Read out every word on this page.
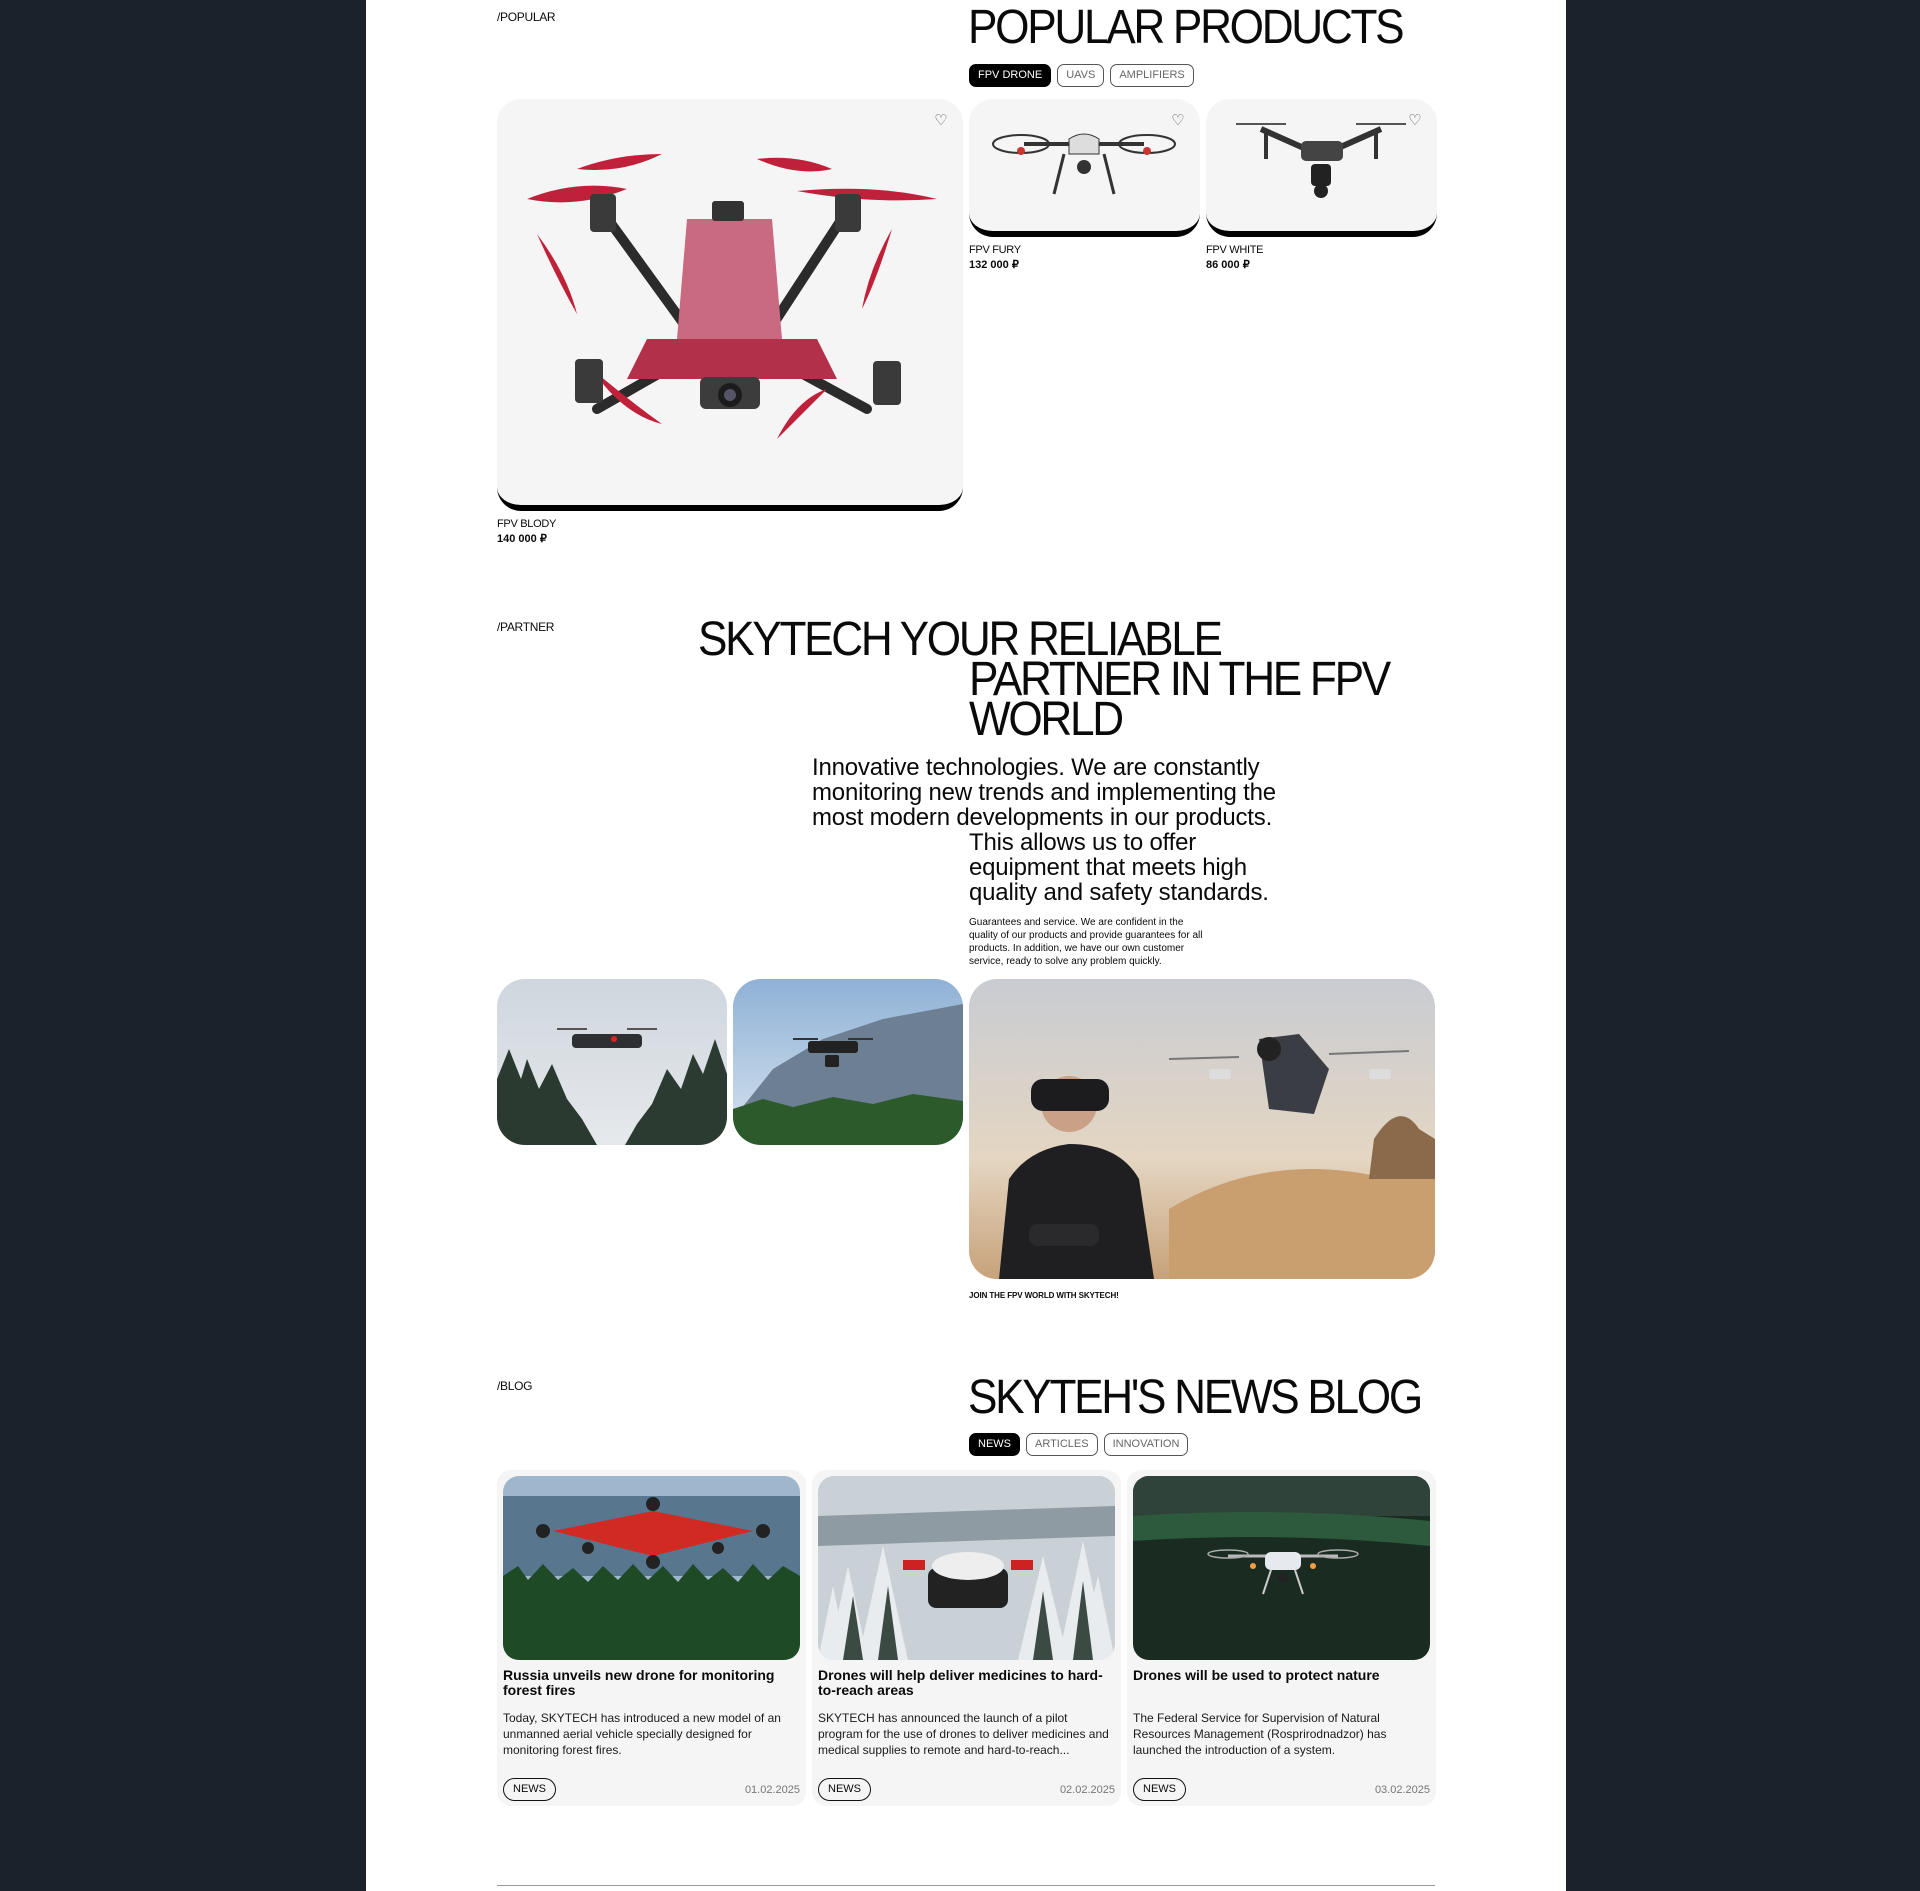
/POPULAR	POPULAR PRODUCTS
FPV DRONE	UAVS	AMPLIFIERS
♡
FPV BLODY
140 000 ₽
♡
FPV FURY
132 000 ₽
♡
FPV WHITE
86 000 ₽
/PARTNER	SKYTECH YOUR RELIABLE
PARTNER IN THE FPV
WORLD
Innovative technologies. We are constantly
monitoring new trends and implementing the
most modern developments in our products.
This allows us to offer
equipment that meets high
quality and safety standards.
Guarantees and service. We are confident in the quality of our products and provide guarantees for all products. In addition, we have our own customer service, ready to solve any problem quickly.
JOIN THE FPV WORLD WITH SKYTECH!
/BLOG	SKYTEH'S NEWS BLOG
NEWS	ARTICLES	INNOVATION
Russia unveils new drone for monitoring forest fires
Today, SKYTECH has introduced a new model of an unmanned aerial vehicle specially designed for monitoring forest fires.
NEWS	01.02.2025
Drones will help deliver medicines to hard-to-reach areas
SKYTECH has announced the launch of a pilot program for the use of drones to deliver medicines and medical supplies to remote and hard-to-reach...
NEWS	02.02.2025
Drones will be used to protect nature
The Federal Service for Supervision of Natural Resources Management (Rosprirodnadzor) has launched the introduction of a system.
NEWS	03.02.2025
